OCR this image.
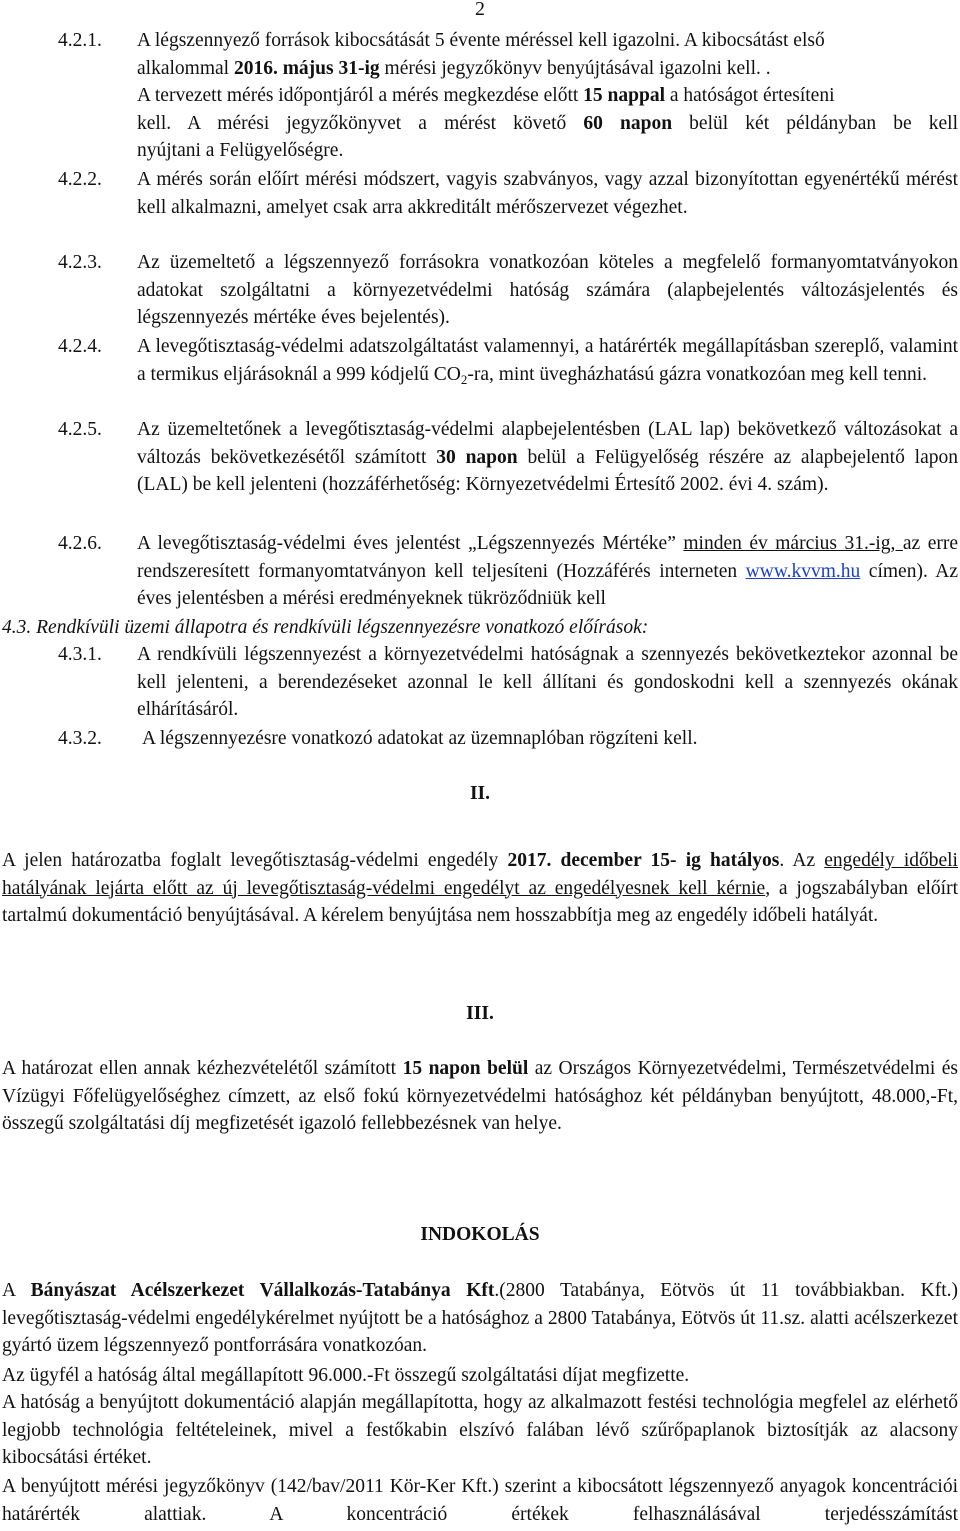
2
4.2.1. A légszennyező források kibocsátását 5 évente méréssel kell igazolni. A kibocsátást első
alkalommal 2016. május 31-ig mérési jegyzőkönyv benyújtásával igazolni kell. .
A tervezett mérés időpontjáról a mérés megkezdése előtt 15 nappal a hatóságot értesíteni
kell. A mérési jegyzőkönyvet a mérést követő 60 napon belül két példányban be kell
nyújtani a Felügyelőségre.
4.2.2. A mérés során előírt mérési módszert, vagyis szabványos, vagy azzal bizonyítottan egyenértékű mérést kell alkalmazni, amelyet csak arra akkreditált mérőszervezet végezhet.
4.2.3. Az üzemeltető a légszennyező forrásokra vonatkozóan köteles a megfelelő formanyomtatványokon adatokat szolgáltatni a környezetvédelmi hatóság számára (alapbejelentés változásjelentés és légszennyezés mértéke éves bejelentés).
4.2.4. A levegőtisztaság-védelmi adatszolgáltatást valamennyi, a határérték megállapításban szereplő, valamint a termikus eljárásoknál a 999 kódjelű $CO_2-ra$, mint üvegházhatású gázra vonatkozóan meg kell tenni.
4.2.5. Az üzemeltetőnek a levegőtisztaság-védelmi alapbejelentésben (LAL lap) bekövetkező változásokat a változás bekövetkezésétől számított 30 napon belül a Felügyelőség részére az alapbejelentő lapon (LAL) be kell jelenteni (hozzáférhetőség: Környezetvédelmi Értesítő 2002. évi 4. szám).
4.2.6. A levegőtisztaság-védelmi éves jelentést „Légszennyezés Mértéke” minden év március 31.-ig, az erre rendszeresített formanyomtatványon kell teljesíteni (Hozzáférés interneten www.kvvm.hu címen). Az éves jelentésben a mérési eredményeknek tükröződniük kell
4.3. Rendkívüli üzemi állapotra és rendkívüli légszennyezésre vonatkozó előírások:
4.3.1. A rendkívüli légszennyezést a környezetvédelmi hatóságnak a szennyezés bekövetkeztekor azonnal be kell jelenteni, a berendezéseket azonnal le kell állítani és gondoskodni kell a szennyezés okának elhárításáról.
4.3.2. A légszennyezésre vonatkozó adatokat az üzemnaplóban rögzíteni kell.
II.
A jelen határozatba foglalt levegőtisztaság-védelmi engedély 2017. december 15- ig hatályos. Az engedély időbeli hatályának lejárta előtt az új levegőtisztaság-védelmi engedélyt az engedélyesnek kell kérnie, a jogszabályban előírt tartalmú dokumentáció benyújtásával. A kérelem benyújtása nem hosszabbítja meg az engedély időbeli hatályát.
III.
A határozat ellen annak kézhezvételétől számított 15 napon belül az Országos Környezetvédelmi, Természetvédelmi és Vízügyi Főfelügyelőséghez címzett, az első fokú környezetvédelmi hatósághoz két példányban benyújtott, 48.000,-Ft, összegű szolgáltatási díj megfizetését igazoló fellebbezésnek van helye.
INDOKOLÁS
A Bányászat Acélszerkezet Vállalkozás-Tatabánya Kft.(2800 Tatabánya, Eötvös út 11 továbbiakban. Kft.) levegőtisztaság-védelmi engedélykérelmet nyújtott be a hatósághoz a 2800 Tatabánya, Eötvös út 11.sz. alatti acélszerkezet gyártó üzem légszennyező pontforrására vonatkozóan.
Az ügyfél a hatóság által megállapított 96.000.-Ft összegű szolgáltatási díjat megfizette.
A hatóság a benyújtott dokumentáció alapján megállapította, hogy az alkalmazott festési technológia megfelel az elérhető legjobb technológia feltételeinek, mivel a festőkabin elszívó falában lévő szűrőpaplanok biztosítják az alacsony kibocsátási értéket.
A benyújtott mérési jegyzőkönyv (142/bav/2011 Kör-Ker Kft.) szerint a kibocsátott légszennyező anyagok koncentrációi határérték alattiak. A koncentráció értékek felhasználásával terjedésszámítást
